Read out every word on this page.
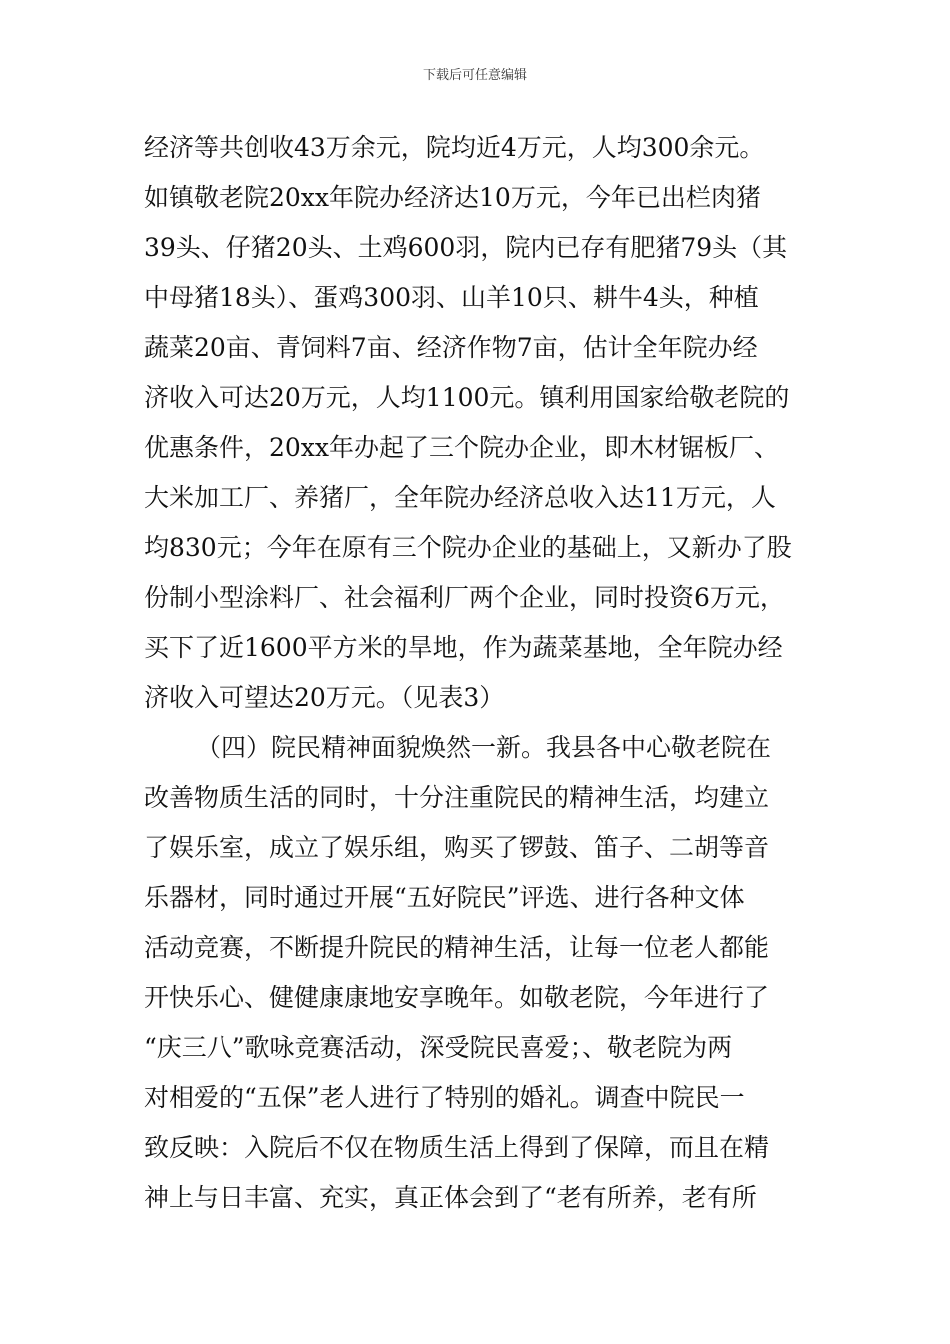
下载后可任意编辑
经济等共创收43万余元，院均近4万元，人均300余元。
如镇敬老院20xx年院办经济达10万元，今年已出栏肉猪
39头、仔猪20头、土鸡600羽，院内已存有肥猪79头（其
中母猪18头）、蛋鸡300羽、山羊10只、耕牛4头，种植
蔬菜20亩、青饲料7亩、经济作物7亩，估计全年院办经
济收入可达20万元，人均1100元。镇利用国家给敬老院的
优惠条件，20xx年办起了三个院办企业，即木材锯板厂、
大米加工厂、养猪厂，全年院办经济总收入达11万元，人
均830元；今年在原有三个院办企业的基础上，又新办了股
份制小型涂料厂、社会福利厂两个企业，同时投资6万元，
买下了近1600平方米的旱地，作为蔬菜基地，全年院办经
济收入可望达20万元。（见表3）
（四）院民精神面貌焕然一新。我县各中心敬老院在
改善物质生活的同时，十分注重院民的精神生活，均建立
了娱乐室，成立了娱乐组，购买了锣鼓、笛子、二胡等音
乐器材，同时通过开展“五好院民”评选、进行各种文体
活动竞赛，不断提升院民的精神生活，让每一位老人都能
开快乐心、健健康康地安享晚年。如敬老院，今年进行了
“庆三八”歌咏竞赛活动，深受院民喜爱；、敬老院为两
对相爱的“五保”老人进行了特别的婚礼。调查中院民一
致反映：入院后不仅在物质生活上得到了保障，而且在精
神上与日丰富、充实，真正体会到了“老有所养，老有所
